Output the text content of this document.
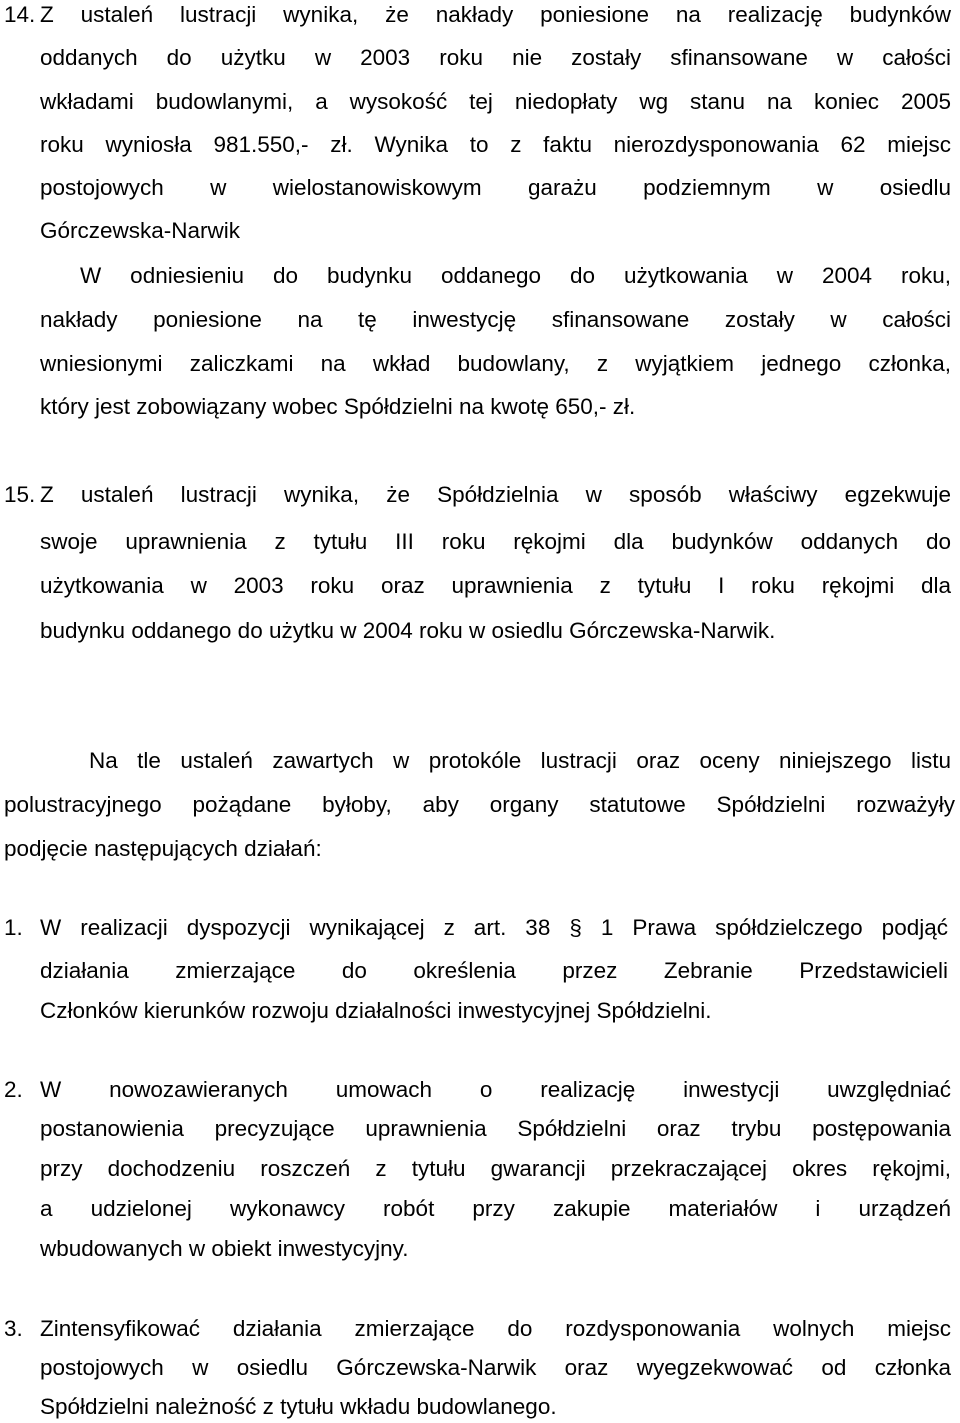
14. Z ustaleń lustracji wynika, że nakłady poniesione na realizację budynków
oddanych do użytku w 2003 roku nie zostały sfinansowane w całości
wkładami budowlanymi, a wysokość tej niedopłaty wg stanu na koniec 2005
roku wyniosła 981.550,- zł. Wynika to z faktu nierozdysponowania 62 miejsc
postojowych w wielostanowiskowym garażu podziemnym w osiedlu
Górczewska-Narwik
W odniesieniu do budynku oddanego do użytkowania w 2004 roku,
nakłady poniesione na tę inwestycję sfinansowane zostały w całości
wniesionymi zaliczkami na wkład budowlany, z wyjątkiem jednego członka,
który jest zobowiązany wobec Spółdzielni na kwotę 650,- zł.
15. Z ustaleń lustracji wynika, że Spółdzielnia w sposób właściwy egzekwuje
swoje uprawnienia z tytułu III roku rękojmi dla budynków oddanych do
użytkowania w 2003 roku oraz uprawnienia z tytułu I roku rękojmi dla
budynku oddanego do użytku w 2004 roku w osiedlu Górczewska-Narwik.
Na tle ustaleń zawartych w protokóle lustracji oraz oceny niniejszego listu
polustracyjnego pożądane byłoby, aby organy statutowe Spółdzielni rozważyły
podjęcie następujących działań:
1. W realizacji dyspozycji wynikającej z art. 38 § 1 Prawa spółdzielczego podjąć
działania zmierzające do określenia przez Zebranie Przedstawicieli
Członków kierunków rozwoju działalności inwestycyjnej Spółdzielni.
2. W nowozawieranych umowach o realizację inwestycji uwzględniać
postanowienia precyzujące uprawnienia Spółdzielni oraz trybu postępowania
przy dochodzeniu roszczeń z tytułu gwarancji przekraczającej okres rękojmi,
a udzielonej wykonawcy robót przy zakupie materiałów i urządzeń
wbudowanych w obiekt inwestycyjny.
3. Zintensyfikować działania zmierzające do rozdysponowania wolnych miejsc
postojowych w osiedlu Górczewska-Narwik oraz wyegzekwować od członka
Spółdzielni należność z tytułu wkładu budowlanego.
